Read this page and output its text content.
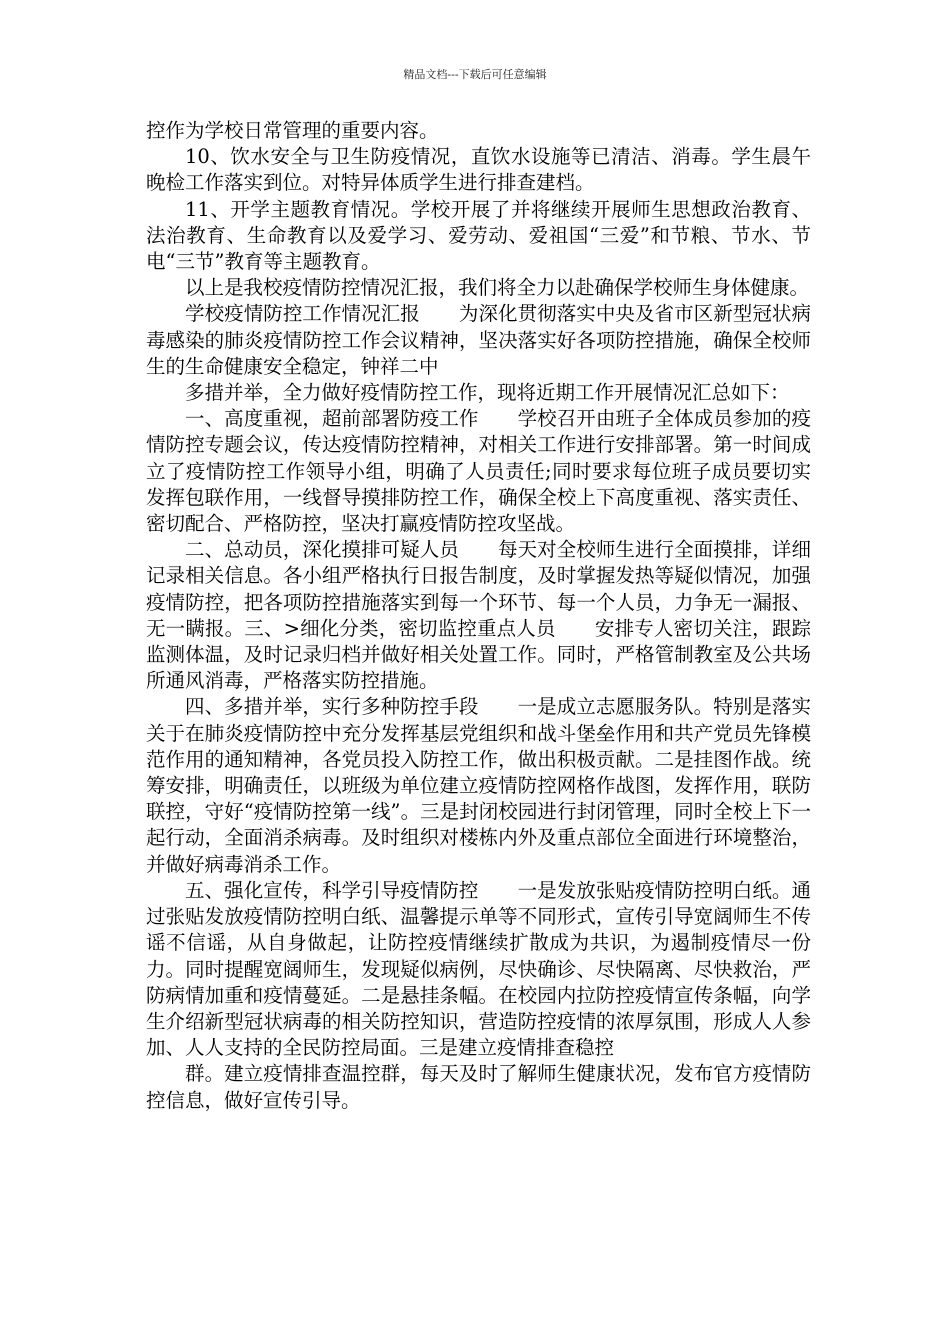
精品文档---下载后可任意编辑

控作为学校日常管理的重要内容。

10、饮水安全与卫生防疫情况，直饮水设施等已清洁、消毒。学生晨午晚检工作落实到位。对特异体质学生进行排查建档。

11、开学主题教育情况。学校开展了并将继续开展师生思想政治教育、法治教育、生命教育以及爱学习、爱劳动、爱祖国“三爱”和节粮、节水、节电“三节”教育等主题教育。

以上是我校疫情防控情况汇报，我们将全力以赴确保学校师生身体健康。

学校疫情防控工作情况汇报　　为深化贯彻落实中央及省市区新型冠状病毒感染的肺炎疫情防控工作会议精神，坚决落实好各项防控措施，确保全校师生的生命健康安全稳定，钟祥二中

多措并举，全力做好疫情防控工作，现将近期工作开展情况汇总如下：

一、高度重视，超前部署防疫工作　　学校召开由班子全体成员参加的疫情防控专题会议，传达疫情防控精神，对相关工作进行安排部署。第一时间成立了疫情防控工作领导小组，明确了人员责任;同时要求每位班子成员要切实发挥包联作用，一线督导摸排防控工作，确保全校上下高度重视、落实责任、密切配合、严格防控，坚决打赢疫情防控攻坚战。

二、总动员，深化摸排可疑人员　　每天对全校师生进行全面摸排，详细记录相关信息。各小组严格执行日报告制度，及时掌握发热等疑似情况，加强疫情防控，把各项防控措施落实到每一个环节、每一个人员，力争无一漏报、无一瞒报。三、>细化分类，密切监控重点人员　　安排专人密切关注，跟踪监测体温，及时记录归档并做好相关处置工作。同时，严格管制教室及公共场所通风消毒，严格落实防控措施。

四、多措并举，实行多种防控手段　　一是成立志愿服务队。特别是落实关于在肺炎疫情防控中充分发挥基层党组织和战斗堡垒作用和共产党员先锋模范作用的通知精神，各党员投入防控工作，做出积极贡献。二是挂图作战。统筹安排，明确责任，以班级为单位建立疫情防控网格作战图，发挥作用，联防联控，守好“疫情防控第一线”。三是封闭校园进行封闭管理，同时全校上下一起行动，全面消杀病毒。及时组织对楼栋内外及重点部位全面进行环境整治，并做好病毒消杀工作。

五、强化宣传，科学引导疫情防控　　一是发放张贴疫情防控明白纸。通过张贴发放疫情防控明白纸、温馨提示单等不同形式，宣传引导宽阔师生不传谣不信谣，从自身做起，让防控疫情继续扩散成为共识，为遏制疫情尽一份力。同时提醒宽阔师生，发现疑似病例，尽快确诊、尽快隔离、尽快救治，严防病情加重和疫情蔓延。二是悬挂条幅。在校园内拉防控疫情宣传条幅，向学生介绍新型冠状病毒的相关防控知识，营造防控疫情的浓厚氛围，形成人人参加、人人支持的全民防控局面。三是建立疫情排查稳控

群。建立疫情排查温控群，每天及时了解师生健康状况，发布官方疫情防控信息，做好宣传引导。
